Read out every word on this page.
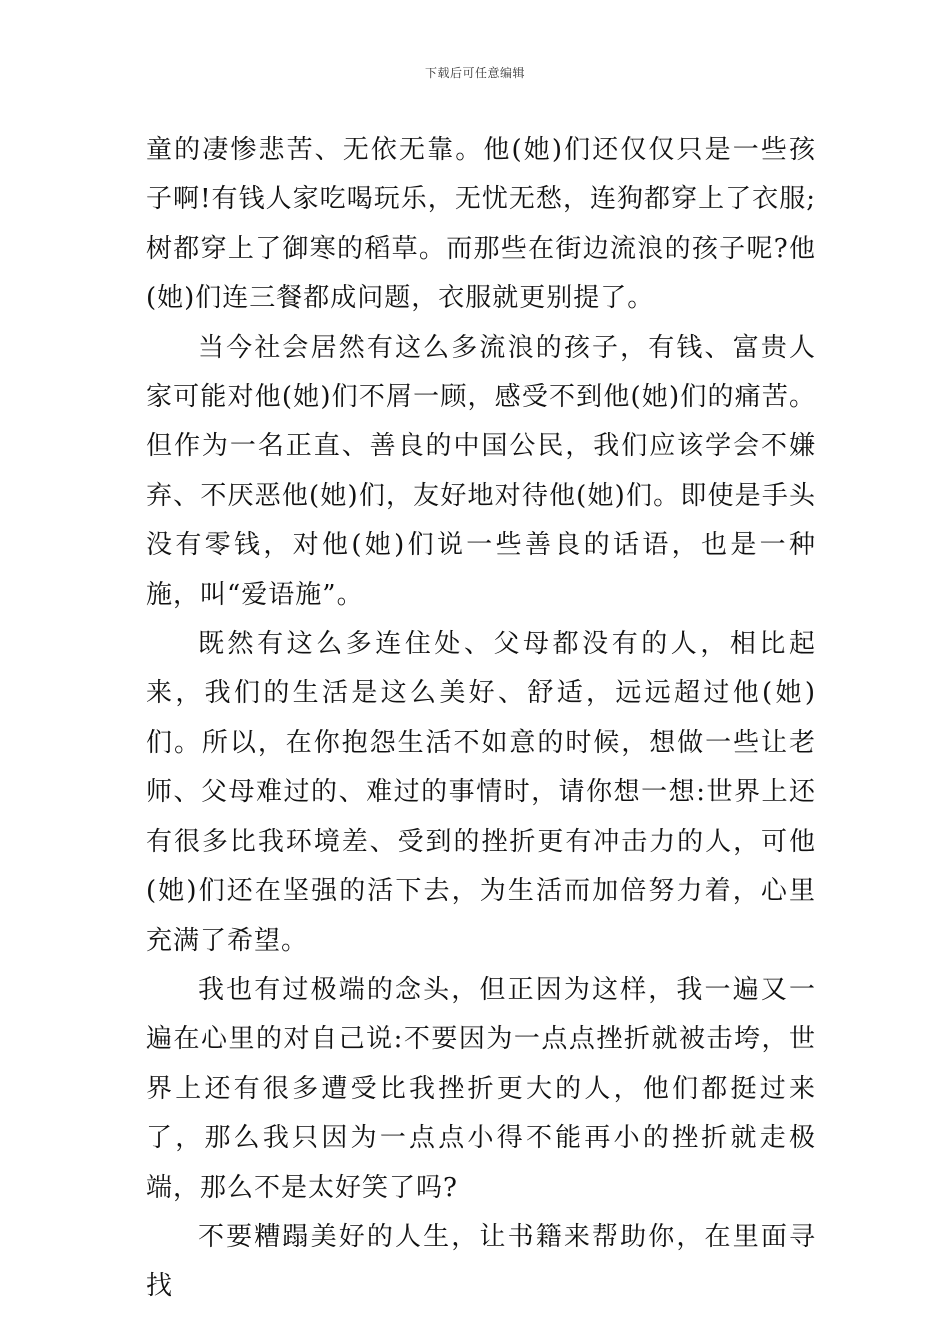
下载后可任意编辑

童的凄惨悲苦、无依无靠。他(她)们还仅仅只是一些孩子啊!有钱人家吃喝玩乐，无忧无愁，连狗都穿上了衣服;树都穿上了御寒的稻草。而那些在街边流浪的孩子呢?他(她)们连三餐都成问题，衣服就更别提了。

当今社会居然有这么多流浪的孩子，有钱、富贵人家可能对他(她)们不屑一顾，感受不到他(她)们的痛苦。但作为一名正直、善良的中国公民，我们应该学会不嫌弃、不厌恶他(她)们，友好地对待他(她)们。即使是手头没有零钱，对他(她)们说一些善良的话语，也是一种施，叫“爱语施”。

既然有这么多连住处、父母都没有的人，相比起来，我们的生活是这么美好、舒适，远远超过他(她)们。所以，在你抱怨生活不如意的时候，想做一些让老师、父母难过的、难过的事情时，请你想一想:世界上还有很多比我环境差、受到的挫折更有冲击力的人，可他(她)们还在坚强的活下去，为生活而加倍努力着，心里充满了希望。

我也有过极端的念头，但正因为这样，我一遍又一遍在心里的对自己说:不要因为一点点挫折就被击垮，世界上还有很多遭受比我挫折更大的人，他们都挺过来了，那么我只因为一点点小得不能再小的挫折就走极端，那么不是太好笑了吗?

不要糟蹋美好的人生，让书籍来帮助你，在里面寻找
